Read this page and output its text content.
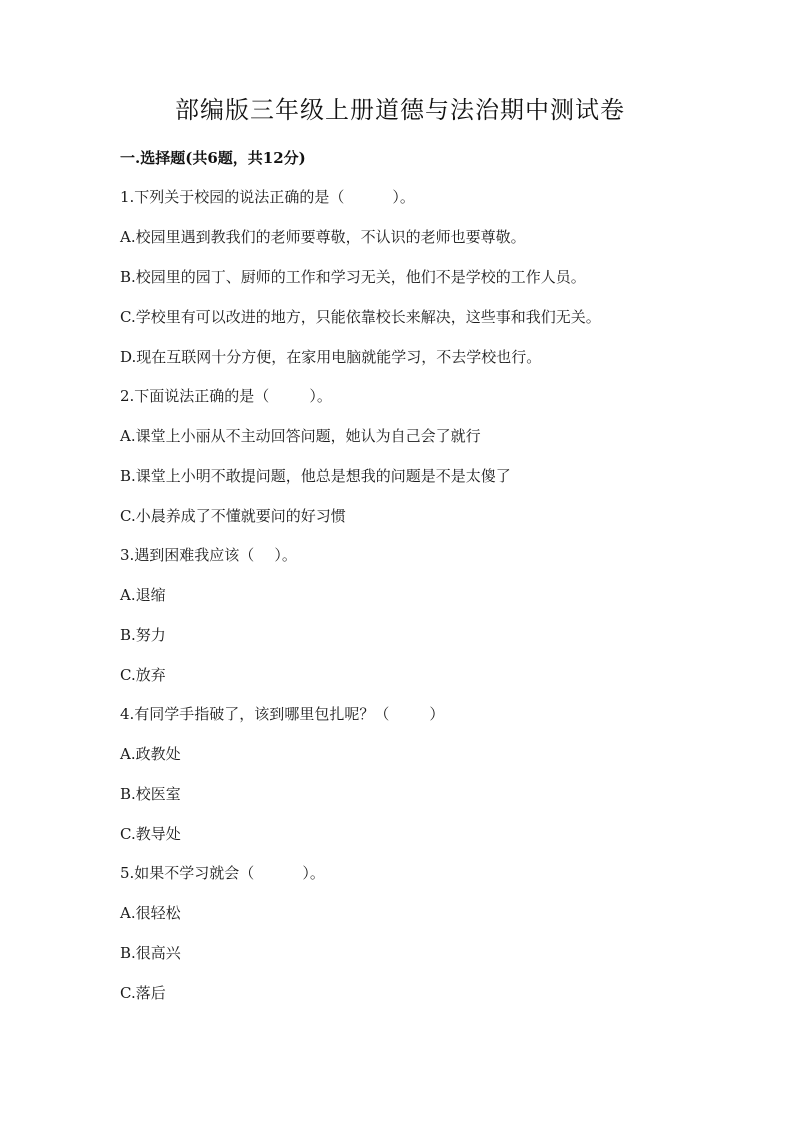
部编版三年级上册道德与法治期中测试卷
一.选择题(共6题，共12分)
1.下列关于校园的说法正确的是（	）。
A.校园里遇到教我们的老师要尊敬，不认识的老师也要尊敬。
B.校园里的园丁、厨师的工作和学习无关，他们不是学校的工作人员。
C.学校里有可以改进的地方，只能依靠校长来解决，这些事和我们无关。
D.现在互联网十分方便，在家用电脑就能学习，不去学校也行。
2.下面说法正确的是（	）。
A.课堂上小丽从不主动回答问题，她认为自己会了就行
B.课堂上小明不敢提问题，他总是想我的问题是不是太傻了
C.小晨养成了不懂就要问的好习惯
3.遇到困难我应该（ ）。
A.退缩
B.努力
C.放弃
4.有同学手指破了，该到哪里包扎呢？（	）
A.政教处
B.校医室
C.教导处
5.如果不学习就会（	）。
A.很轻松
B.很高兴
C.落后
